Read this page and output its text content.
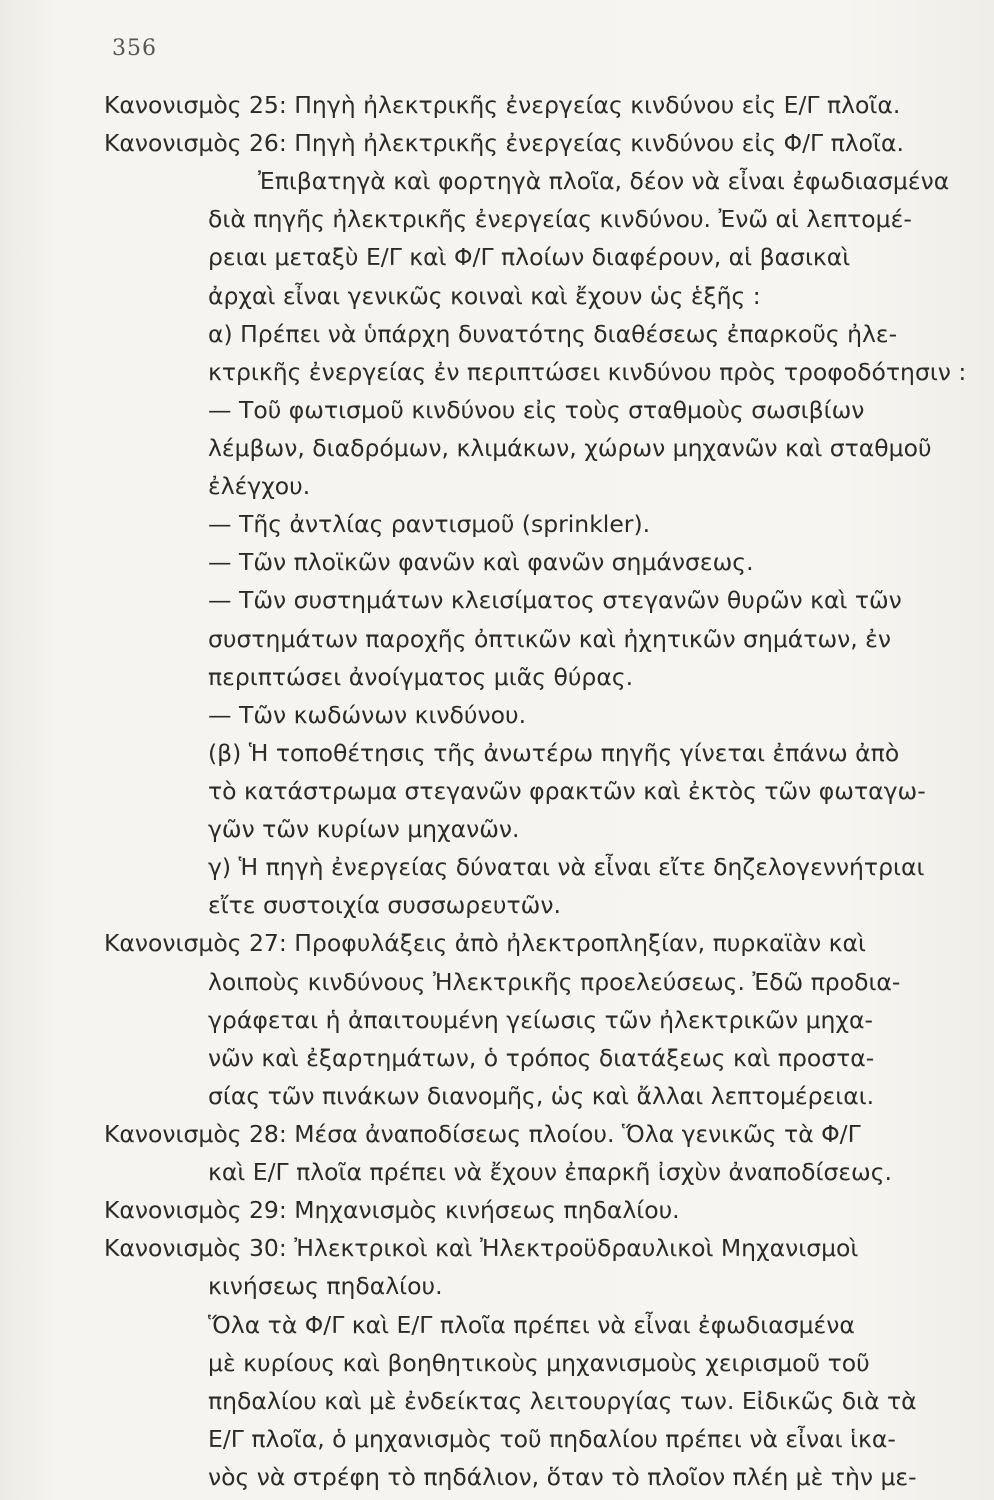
356
Κανονισμὸς 25: Πηγὴ ἠλεκτρικῆς ἐνεργείας κινδύνου εἰς Ε/Γ πλοῖα.
Κανονισμὸς 26: Πηγὴ ἠλεκτρικῆς ἐνεργείας κινδύνου εἰς Φ/Γ πλοῖα.
Ἐπιβατηγὰ καὶ φορτηγὰ πλοῖα, δέον νὰ εἶναι ἐφωδιασμένα
διὰ πηγῆς ἠλεκτρικῆς ἐνεργείας κινδύνου. Ἐνῶ αἱ λεπτομέ-
ρειαι μεταξὺ Ε/Γ καὶ Φ/Γ πλοίων διαφέρουν, αἱ βασικαὶ
ἀρχαὶ εἶναι γενικῶς κοιναὶ καὶ ἔχουν ὡς ἑξῆς :
α) Πρέπει νὰ ὑπάρχη δυνατότης διαθέσεως ἐπαρκοῦς ἠλε-
κτρικῆς ἐνεργείας ἐν περιπτώσει κινδύνου πρὸς τροφοδότησιν :
— Τοῦ φωτισμοῦ κινδύνου εἰς τοὺς σταθμοὺς σωσιβίων
λέμβων, διαδρόμων, κλιμάκων, χώρων μηχανῶν καὶ σταθμοῦ
ἐλέγχου.
— Τῆς ἀντλίας ραντισμοῦ (sprinkler).
— Τῶν πλοϊκῶν φανῶν καὶ φανῶν σημάνσεως.
— Τῶν συστημάτων κλεισίματος στεγανῶν θυρῶν καὶ τῶν
συστημάτων παροχῆς ὀπτικῶν καὶ ἠχητικῶν σημάτων, ἐν
περιπτώσει ἀνοίγματος μιᾶς θύρας.
— Τῶν κωδώνων κινδύνου.
(β) Ἡ τοποθέτησις τῆς ἀνωτέρω πηγῆς γίνεται ἐπάνω ἀπὸ
τὸ κατάστρωμα στεγανῶν φρακτῶν καὶ ἐκτὸς τῶν φωταγω-
γῶν τῶν κυρίων μηχανῶν.
γ) Ἡ πηγὴ ἐνεργείας δύναται νὰ εἶναι εἴτε δηζελογεννήτριαι
εἴτε συστοιχία συσσωρευτῶν.
Κανονισμὸς 27: Προφυλάξεις ἀπὸ ἠλεκτροπληξίαν, πυρκαϊὰν καὶ
λοιποὺς κινδύνους Ἠλεκτρικῆς προελεύσεως. Ἐδῶ προδια-
γράφεται ἡ ἀπαιτουμένη γείωσις τῶν ἠλεκτρικῶν μηχα-
νῶν καὶ ἐξαρτημάτων, ὁ τρόπος διατάξεως καὶ προστα-
σίας τῶν πινάκων διανομῆς, ὡς καὶ ἄλλαι λεπτομέρειαι.
Κανονισμὸς 28: Μέσα ἀναποδίσεως πλοίου. Ὅλα γενικῶς τὰ Φ/Γ
καὶ Ε/Γ πλοῖα πρέπει νὰ ἔχουν ἐπαρκῆ ἰσχὺν ἀναποδίσεως.
Κανονισμὸς 29: Μηχανισμὸς κινήσεως πηδαλίου.
Κανονισμὸς 30: Ἠλεκτρικοὶ καὶ Ἠλεκτροϋδραυλικοὶ Μηχανισμοὶ
κινήσεως πηδαλίου.
Ὅλα τὰ Φ/Γ καὶ Ε/Γ πλοῖα πρέπει νὰ εἶναι ἐφωδιασμένα
μὲ κυρίους καὶ βοηθητικοὺς μηχανισμοὺς χειρισμοῦ τοῦ
πηδαλίου καὶ μὲ ἐνδείκτας λειτουργίας των. Εἰδικῶς διὰ τὰ
Ε/Γ πλοῖα, ὁ μηχανισμὸς τοῦ πηδαλίου πρέπει νὰ εἶναι ἱκα-
νὸς νὰ στρέφη τὸ πηδάλιον, ὅταν τὸ πλοῖον πλέη μὲ τὴν με-
